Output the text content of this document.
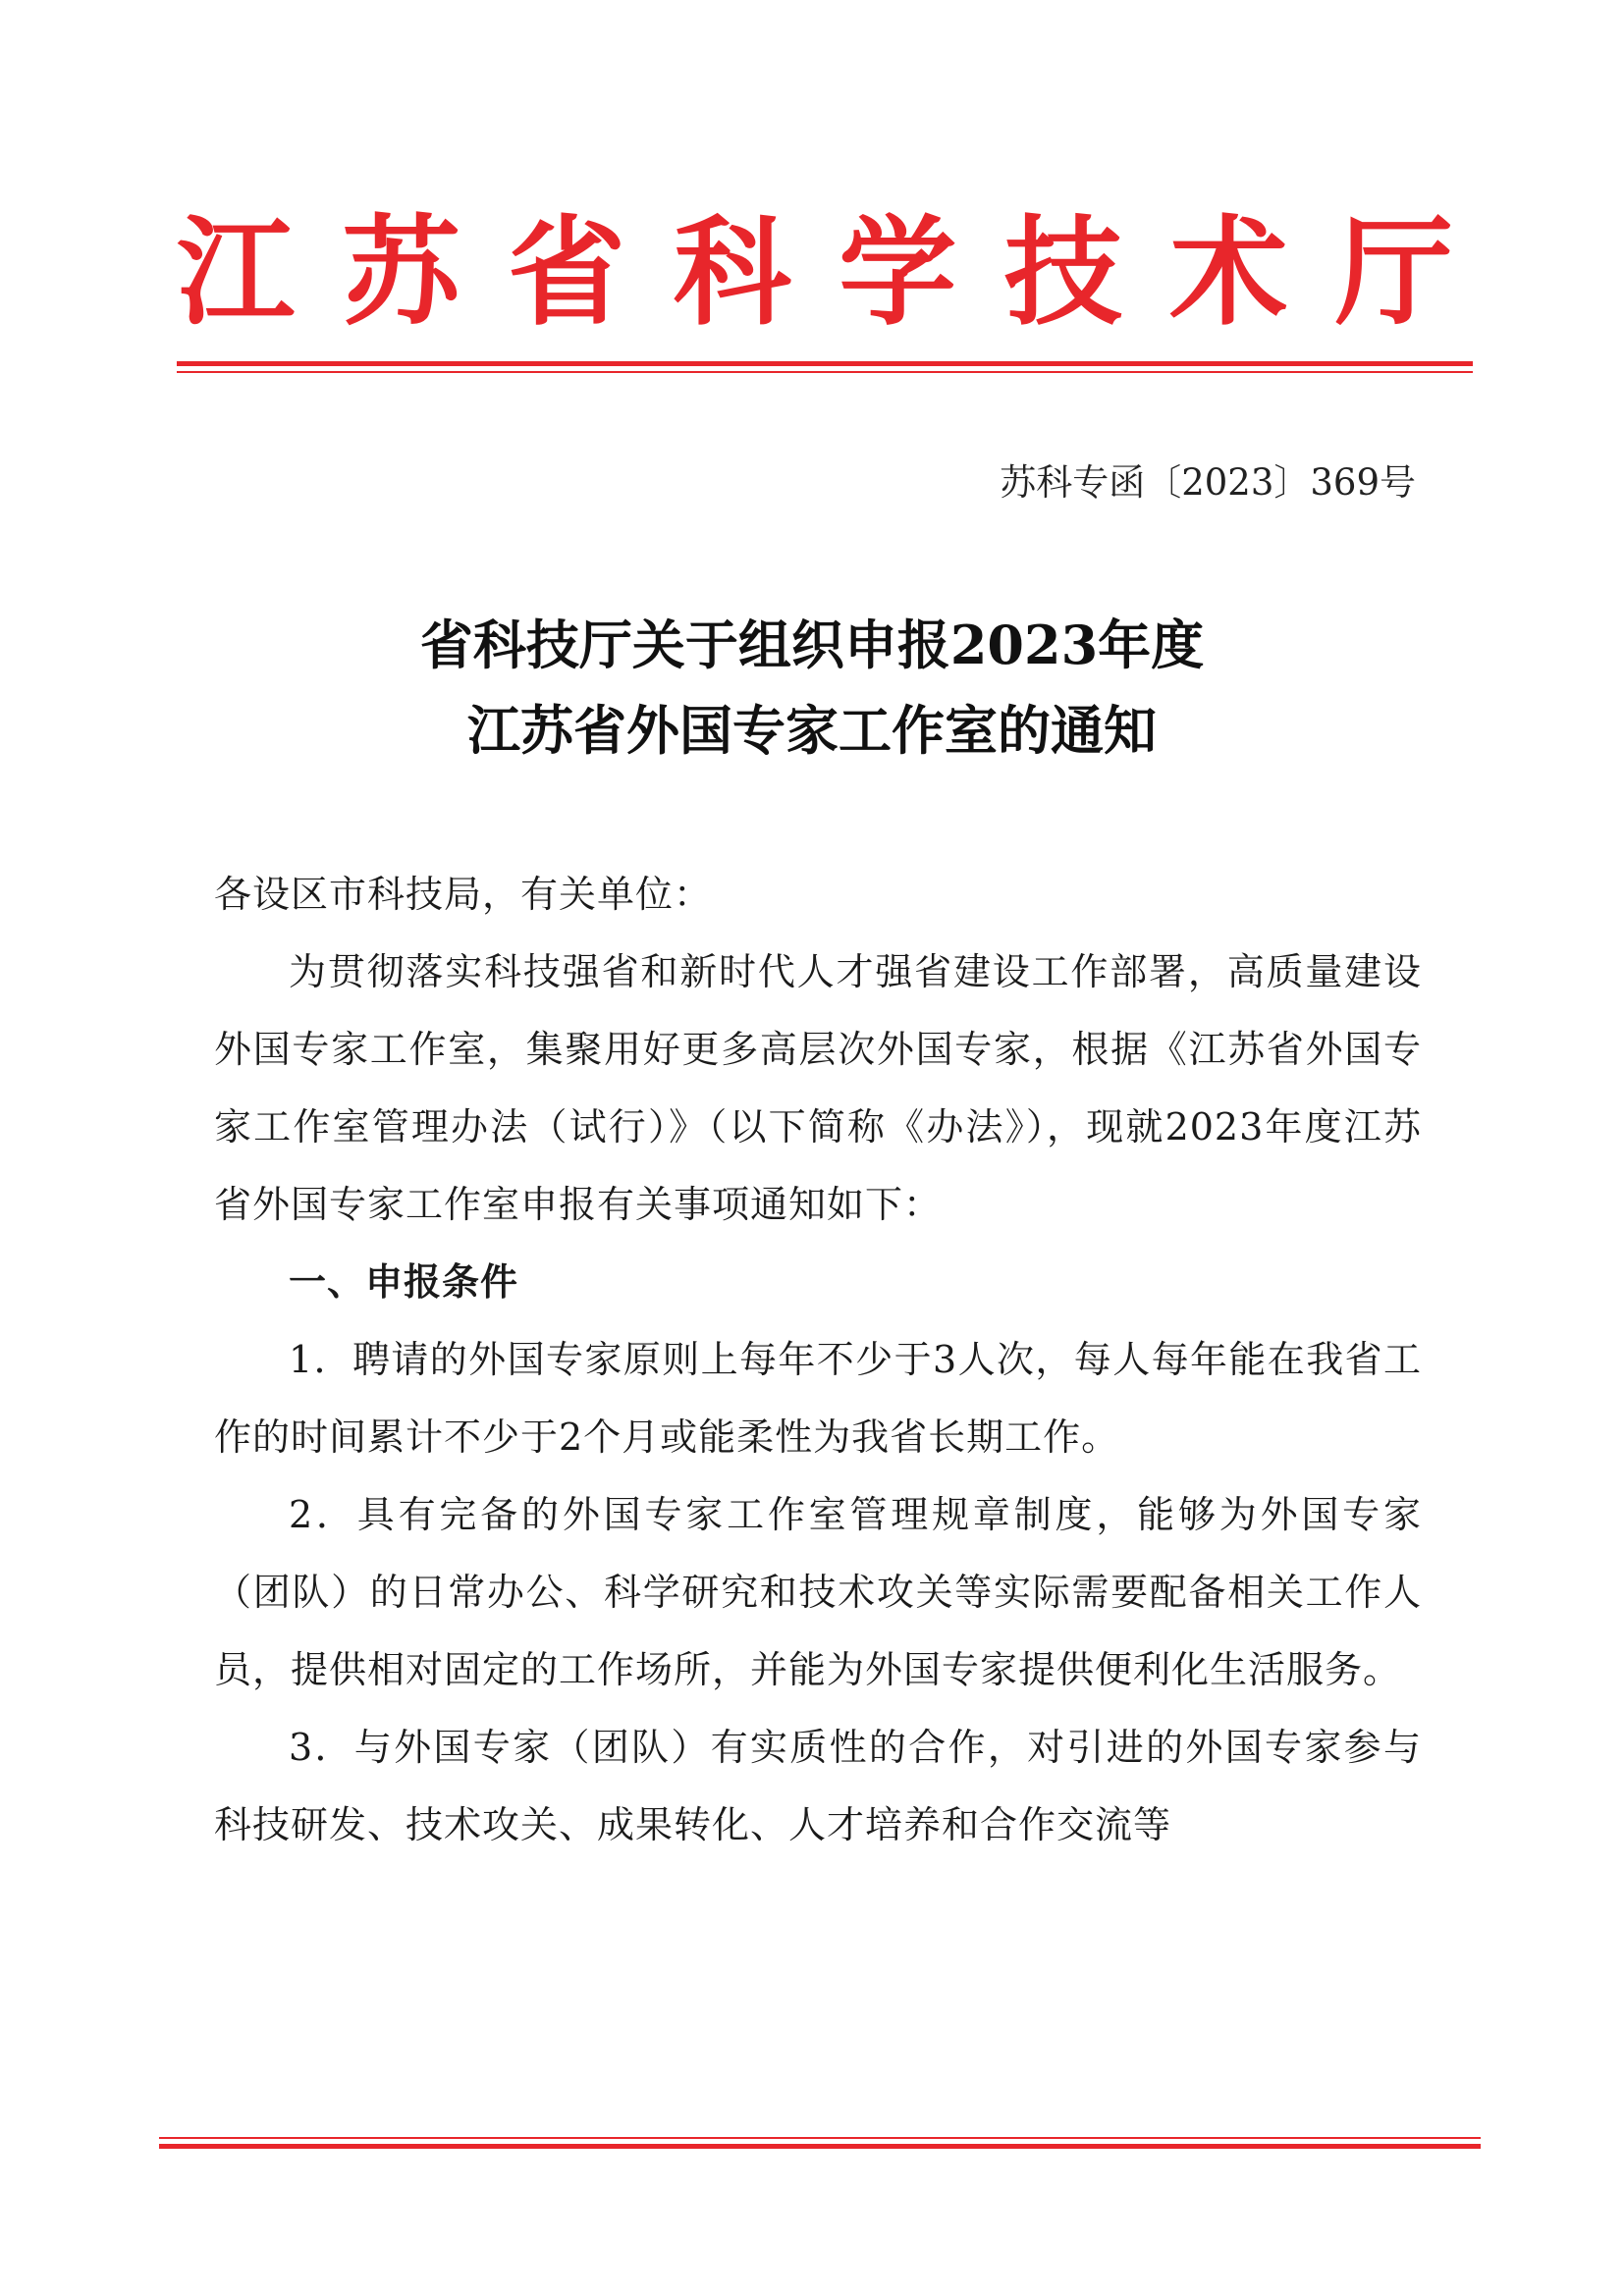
江 苏 省 科 学 技 术 厅
苏科专函〔2023〕369号
省科技厅关于组织申报2023年度
江苏省外国专家工作室的通知

各设区市科技局，有关单位：

为贯彻落实科技强省和新时代人才强省建设工作部署，高质量建设外国专家工作室，集聚用好更多高层次外国专家，根据《江苏省外国专家工作室管理办法（试行）》（以下简称《办法》），现就2023年度江苏省外国专家工作室申报有关事项通知如下：

一、申报条件

1．聘请的外国专家原则上每年不少于3人次，每人每年能在我省工作的时间累计不少于2个月或能柔性为我省长期工作。

2．具有完备的外国专家工作室管理规章制度，能够为外国专家（团队）的日常办公、科学研究和技术攻关等实际需要配备相关工作人员，提供相对固定的工作场所，并能为外国专家提供便利化生活服务。

3．与外国专家（团队）有实质性的合作，对引进的外国专家参与科技研发、技术攻关、成果转化、人才培养和合作交流等
